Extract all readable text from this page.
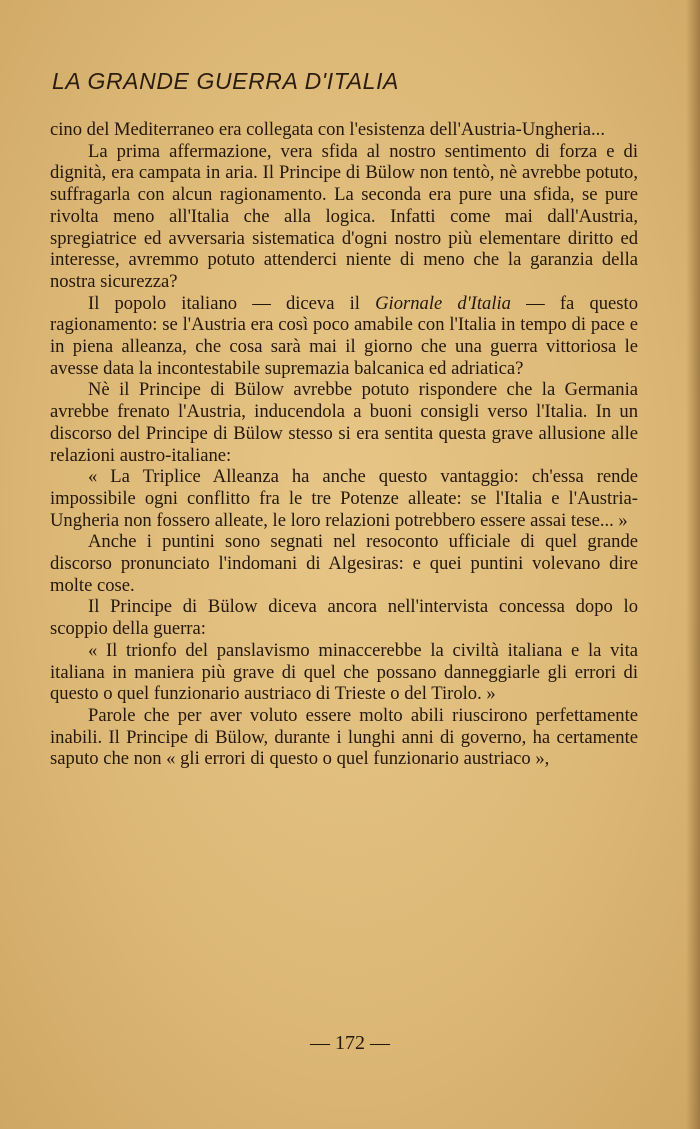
LA GRANDE GUERRA D'ITALIA

cino del Mediterraneo era collegata con l'esistenza dell'Austria-Ungheria...

La prima affermazione, vera sfida al nostro sentimento di forza e di dignità, era campata in aria. Il Principe di Bülow non tentò, nè avrebbe potuto, suffragarla con alcun ragionamento. La seconda era pure una sfida, se pure rivolta meno all'Italia che alla logica. Infatti come mai dall'Austria, spregiatrice ed avversaria sistematica d'ogni nostro più elementare diritto ed interesse, avremmo potuto attenderci niente di meno che la garanzia della nostra sicurezza?

Il popolo italiano — diceva il Giornale d'Italia — fa questo ragionamento: se l'Austria era così poco amabile con l'Italia in tempo di pace e in piena alleanza, che cosa sarà mai il giorno che una guerra vittoriosa le avesse data la incontestabile supremazia balcanica ed adriatica?

Nè il Principe di Bülow avrebbe potuto rispondere che la Germania avrebbe frenato l'Austria, inducendola a buoni consigli verso l'Italia. In un discorso del Principe di Bülow stesso si era sentita questa grave allusione alle relazioni austro-italiane:

« La Triplice Alleanza ha anche questo vantaggio: ch'essa rende impossibile ogni conflitto fra le tre Potenze alleate: se l'Italia e l'Austria-Ungheria non fossero alleate, le loro relazioni potrebbero essere assai tese... »

Anche i puntini sono segnati nel resoconto ufficiale di quel grande discorso pronunciato l'indomani di Algesiras: e quei puntini volevano dire molte cose.

Il Principe di Bülow diceva ancora nell'intervista concessa dopo lo scoppio della guerra:

« Il trionfo del panslavismo minaccerebbe la civiltà italiana e la vita italiana in maniera più grave di quel che possano danneggiarle gli errori di questo o quel funzionario austriaco di Trieste o del Tirolo. »

Parole che per aver voluto essere molto abili riuscirono perfettamente inabili. Il Principe di Bülow, durante i lunghi anni di governo, ha certamente saputo che non « gli errori di questo o quel funzionario austriaco »,

— 172 —
